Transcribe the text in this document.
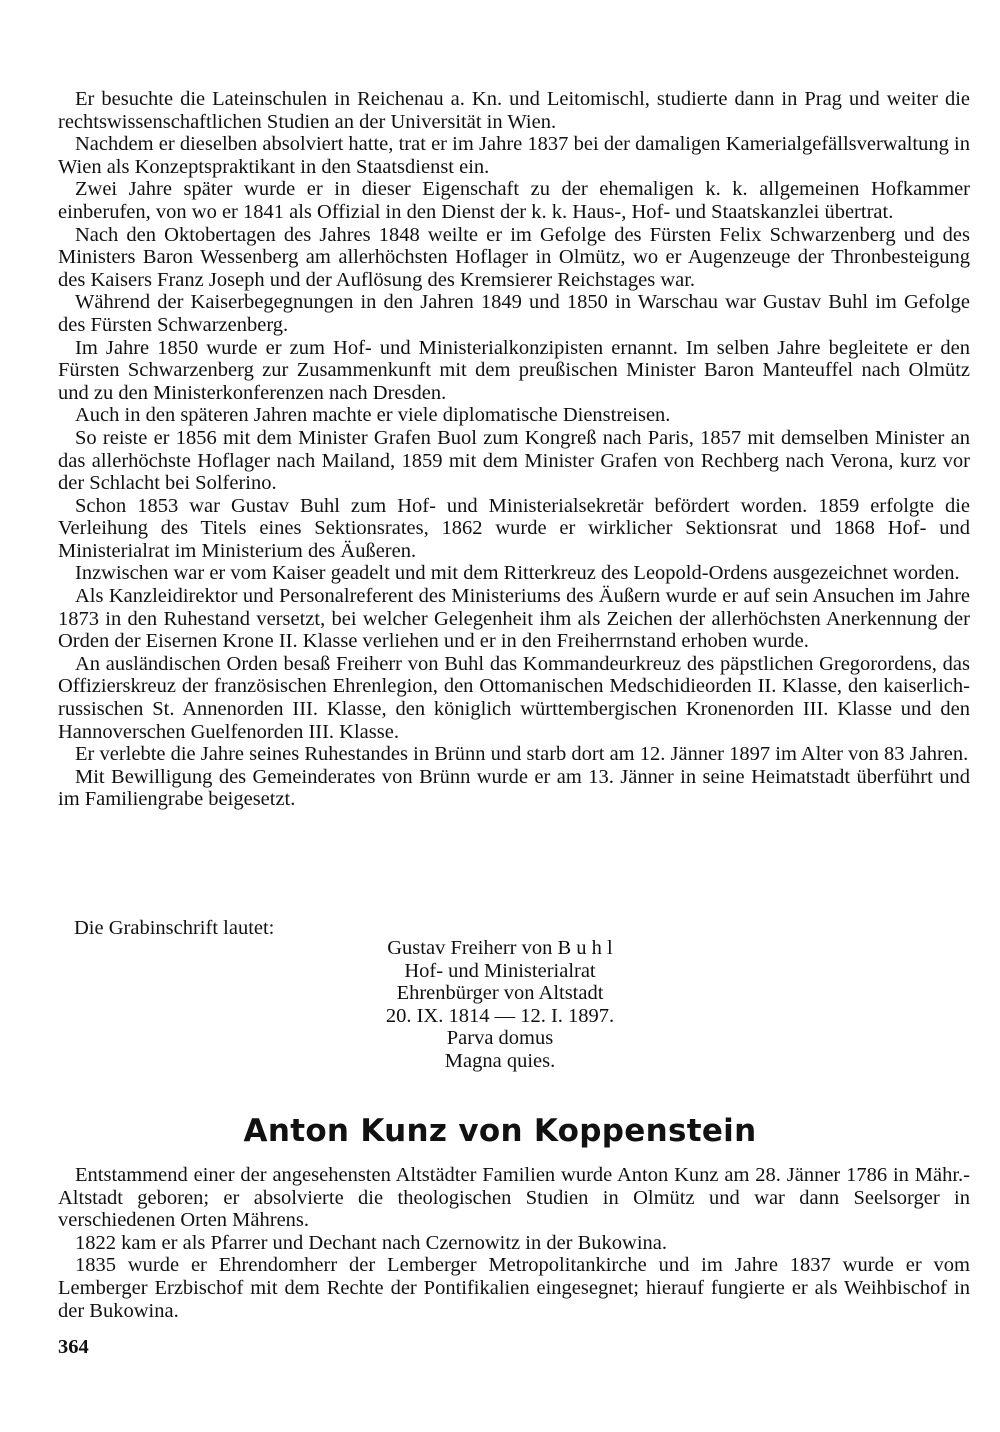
Er besuchte die Lateinschulen in Reichenau a. Kn. und Leitomischl, studierte dann in Prag und weiter die rechtswissenschaftlichen Studien an der Universität in Wien.

Nachdem er dieselben absolviert hatte, trat er im Jahre 1837 bei der damaligen Kamerialgefällsverwaltung in Wien als Konzeptspraktikant in den Staatsdienst ein.

Zwei Jahre später wurde er in dieser Eigenschaft zu der ehemaligen k. k. allgemeinen Hofkammer einberufen, von wo er 1841 als Offizial in den Dienst der k. k. Haus-, Hof- und Staatskanzlei übertrat.

Nach den Oktobertagen des Jahres 1848 weilte er im Gefolge des Fürsten Felix Schwarzenberg und des Ministers Baron Wessenberg am allerhöchsten Hoflager in Olmütz, wo er Augenzeuge der Thronbesteigung des Kaisers Franz Joseph und der Auflösung des Kremsierer Reichstages war.

Während der Kaiserbegegnungen in den Jahren 1849 und 1850 in Warschau war Gustav Buhl im Gefolge des Fürsten Schwarzenberg.

Im Jahre 1850 wurde er zum Hof- und Ministerialkonzipisten ernannt. Im selben Jahre begleitete er den Fürsten Schwarzenberg zur Zusammenkunft mit dem preußischen Minister Baron Manteuffel nach Olmütz und zu den Ministerkonferenzen nach Dresden.

Auch in den späteren Jahren machte er viele diplomatische Dienstreisen.

So reiste er 1856 mit dem Minister Grafen Buol zum Kongreß nach Paris, 1857 mit demselben Minister an das allerhöchste Hoflager nach Mailand, 1859 mit dem Minister Grafen von Rechberg nach Verona, kurz vor der Schlacht bei Solferino.

Schon 1853 war Gustav Buhl zum Hof- und Ministerialsekretär befördert worden. 1859 erfolgte die Verleihung des Titels eines Sektionsrates, 1862 wurde er wirklicher Sektionsrat und 1868 Hof- und Ministerialrat im Ministerium des Äußeren.

Inzwischen war er vom Kaiser geadelt und mit dem Ritterkreuz des Leopold-Ordens ausgezeichnet worden.

Als Kanzleidirektor und Personalreferent des Ministeriums des Äußern wurde er auf sein Ansuchen im Jahre 1873 in den Ruhestand versetzt, bei welcher Gelegenheit ihm als Zeichen der allerhöchsten Anerkennung der Orden der Eisernen Krone II. Klasse verliehen und er in den Freiherrnstand erhoben wurde.

An ausländischen Orden besaß Freiherr von Buhl das Kommandeurkreuz des päpstlichen Gregorordens, das Offizierskreuz der französischen Ehrenlegion, den Ottomanischen Medschidieorden II. Klasse, den kaiserlich-russischen St. Annenorden III. Klasse, den königlich württembergischen Kronenorden III. Klasse und den Hannoverschen Guelfenorden III. Klasse.

Er verlebte die Jahre seines Ruhestandes in Brünn und starb dort am 12. Jänner 1897 im Alter von 83 Jahren.

Mit Bewilligung des Gemeinderates von Brünn wurde er am 13. Jänner in seine Heimatstadt überführt und im Familiengrabe beigesetzt.

Die Grabinschrift lautet:
Gustav Freiherr von B u h l
Hof- und Ministerialrat
Ehrenbürger von Altstadt
20. IX. 1814 — 12. I. 1897.
Parva domus
Magna quies.
Anton Kunz von Koppenstein

Entstammend einer der angesehensten Altstädter Familien wurde Anton Kunz am 28. Jänner 1786 in Mähr.-Altstadt geboren; er absolvierte die theologischen Studien in Olmütz und war dann Seelsorger in verschiedenen Orten Mährens.

1822 kam er als Pfarrer und Dechant nach Czernowitz in der Bukowina.

1835 wurde er Ehrendomherr der Lemberger Metropolitankirche und im Jahre 1837 wurde er vom Lemberger Erzbischof mit dem Rechte der Pontifikalien eingesegnet; hierauf fungierte er als Weihbischof in der Bukowina.

364
